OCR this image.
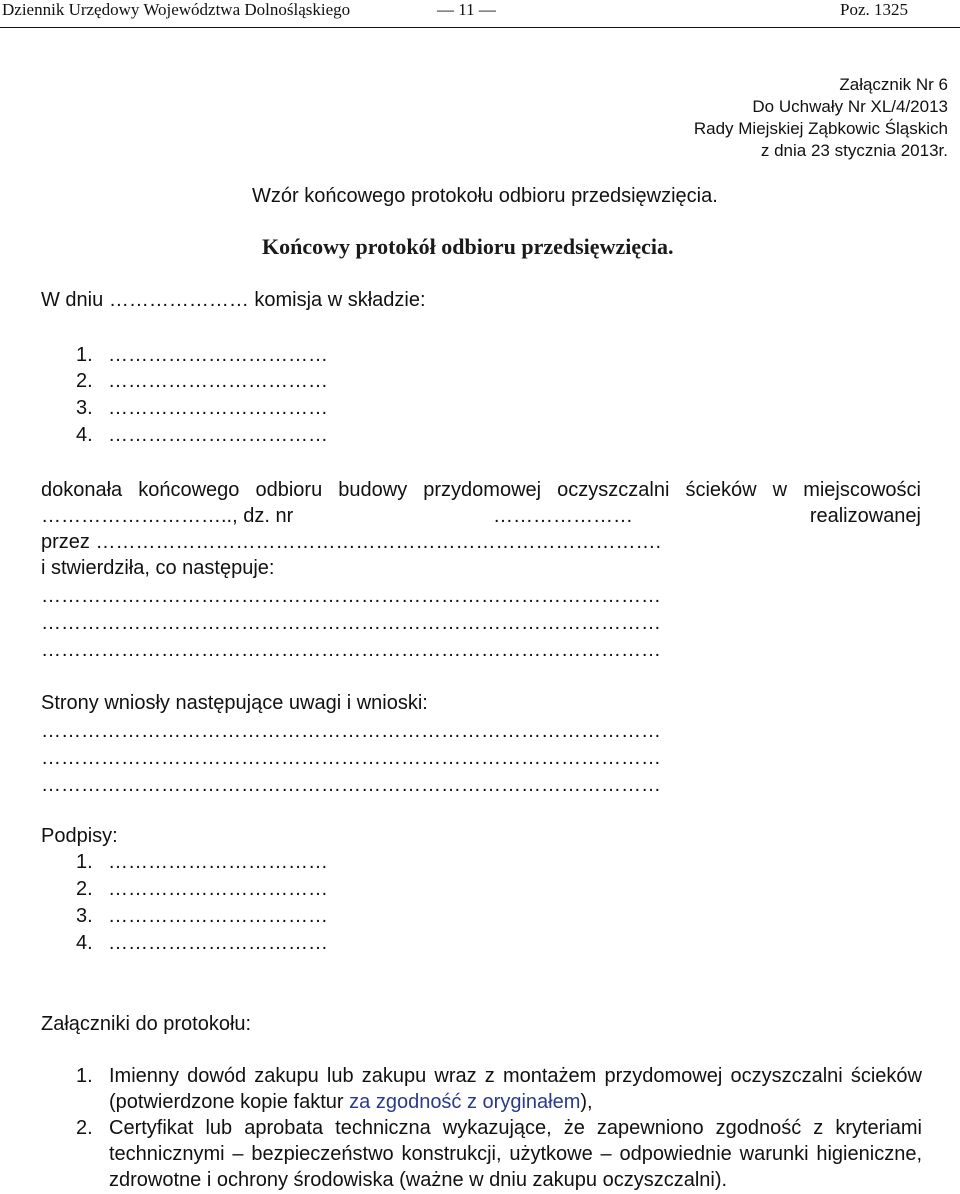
Dziennik Urzędowy Województwa Dolnośląskiego	— 11 —	Poz. 1325
Załącznik Nr 6
Do Uchwały Nr XL/4/2013
Rady Miejskiej Ząbkowic Śląskich
z dnia 23 stycznia 2013r.
Wzór końcowego protokołu odbioru przedsięwzięcia.
Końcowy protokół odbioru przedsięwzięcia.
W dniu ………………… komisja w składzie:
1. ……………………………
2. ……………………………
3. ……………………………
4. ……………………………
dokonała końcowego odbioru budowy przydomowej oczyszczalni ścieków w miejscowości
……………………….., dz. nr	…………………	realizowanej
przez ………………………………………………………………………….
i stwierdziła, co następuje:
…………………………………………………………………………………
…………………………………………………………………………………
…………………………………………………………………………………
Strony wniosły następujące uwagi i wnioski:
…………………………………………………………………………………
…………………………………………………………………………………
…………………………………………………………………………………
Podpisy:
1. ……………………………
2. ……………………………
3. ……………………………
4. ……………………………
Załączniki do protokołu:
1. Imienny dowód zakupu lub zakupu wraz z montażem przydomowej oczyszczalni ścieków (potwierdzone kopie faktur za zgodność z oryginałem),
2. Certyfikat lub aprobata techniczna wykazujące, że zapewniono zgodność z kryteriami technicznymi – bezpieczeństwo konstrukcji, użytkowe – odpowiednie warunki higieniczne, zdrowotne i ochrony środowiska (ważne w dniu zakupu oczyszczalni).
